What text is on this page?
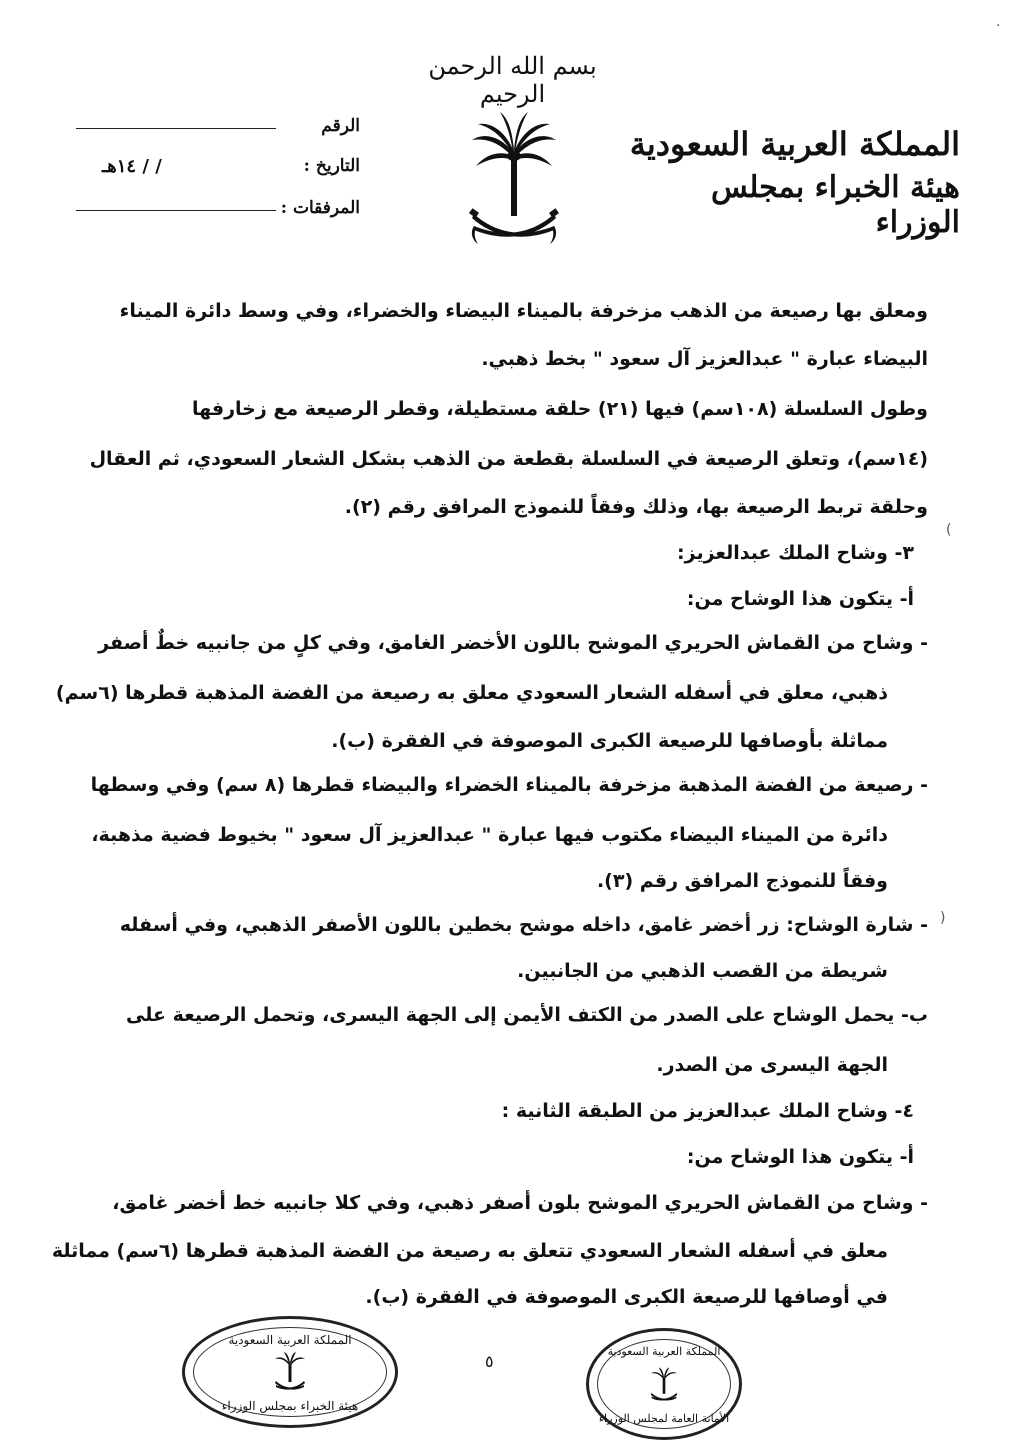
بسم الله الرحمن الرحيم
المملكة العربية السعودية
هيئة الخبراء بمجلس الوزراء
الرقم
التاريخ :
/ / ١٤هـ
المرفقات :
ومعلق بها رصيعة من الذهب مزخرفة بالميناء البيضاء والخضراء، وفي وسط دائرة الميناء
البيضاء عبارة " عبدالعزيز آل سعود " بخط ذهبي.
وطول السلسلة (١٠٨سم) فيها (٢١) حلقة مستطيلة، وقطر الرصيعة مع زخارفها
(١٤سم)، وتعلق الرصيعة في السلسلة بقطعة من الذهب بشكل الشعار السعودي، ثم العقال
وحلقة تربط الرصيعة بها، وذلك وفقاً للنموذج المرافق رقم (٢).
٣- وشاح الملك عبدالعزيز:
أ- يتكون هذا الوشاح من:
- وشاح من القماش الحريري الموشح باللون الأخضر الغامق، وفي كلٍ من جانبيه خطٌ أصفر
ذهبي، معلق في أسفله الشعار السعودي معلق به رصيعة من الفضة المذهبة قطرها (٦سم)
مماثلة بأوصافها للرصيعة الكبرى الموصوفة في الفقرة (ب).
- رصيعة من الفضة المذهبة مزخرفة بالميناء الخضراء والبيضاء قطرها (٨ سم) وفي وسطها
دائرة من الميناء البيضاء مكتوب فيها عبارة " عبدالعزيز آل سعود " بخيوط فضية مذهبة،
وفقاً للنموذج المرافق رقم (٣).
- شارة الوشاح: زر أخضر غامق، داخله موشح بخطين باللون الأصفر الذهبي، وفي أسفله
شريطة من القصب الذهبي من الجانبين.
ب- يحمل الوشاح على الصدر من الكتف الأيمن إلى الجهة اليسرى، وتحمل الرصيعة على
الجهة اليسرى من الصدر.
٤- وشاح الملك عبدالعزيز من الطبقة الثانية :
أ- يتكون هذا الوشاح من:
- وشاح من القماش الحريري الموشح بلون أصفر ذهبي، وفي كلا جانبيه خط أخضر غامق،
معلق في أسفله الشعار السعودي تتعلق به رصيعة من الفضة المذهبة قطرها (٦سم) مماثلة
في أوصافها للرصيعة الكبرى الموصوفة في الفقرة (ب).
٥
المملكة العربية السعودية
هيئة الخبراء بمجلس الوزراء
المملكة العربية السعودية
الأمانة العامة لمجلس الوزراء
·
(
)
